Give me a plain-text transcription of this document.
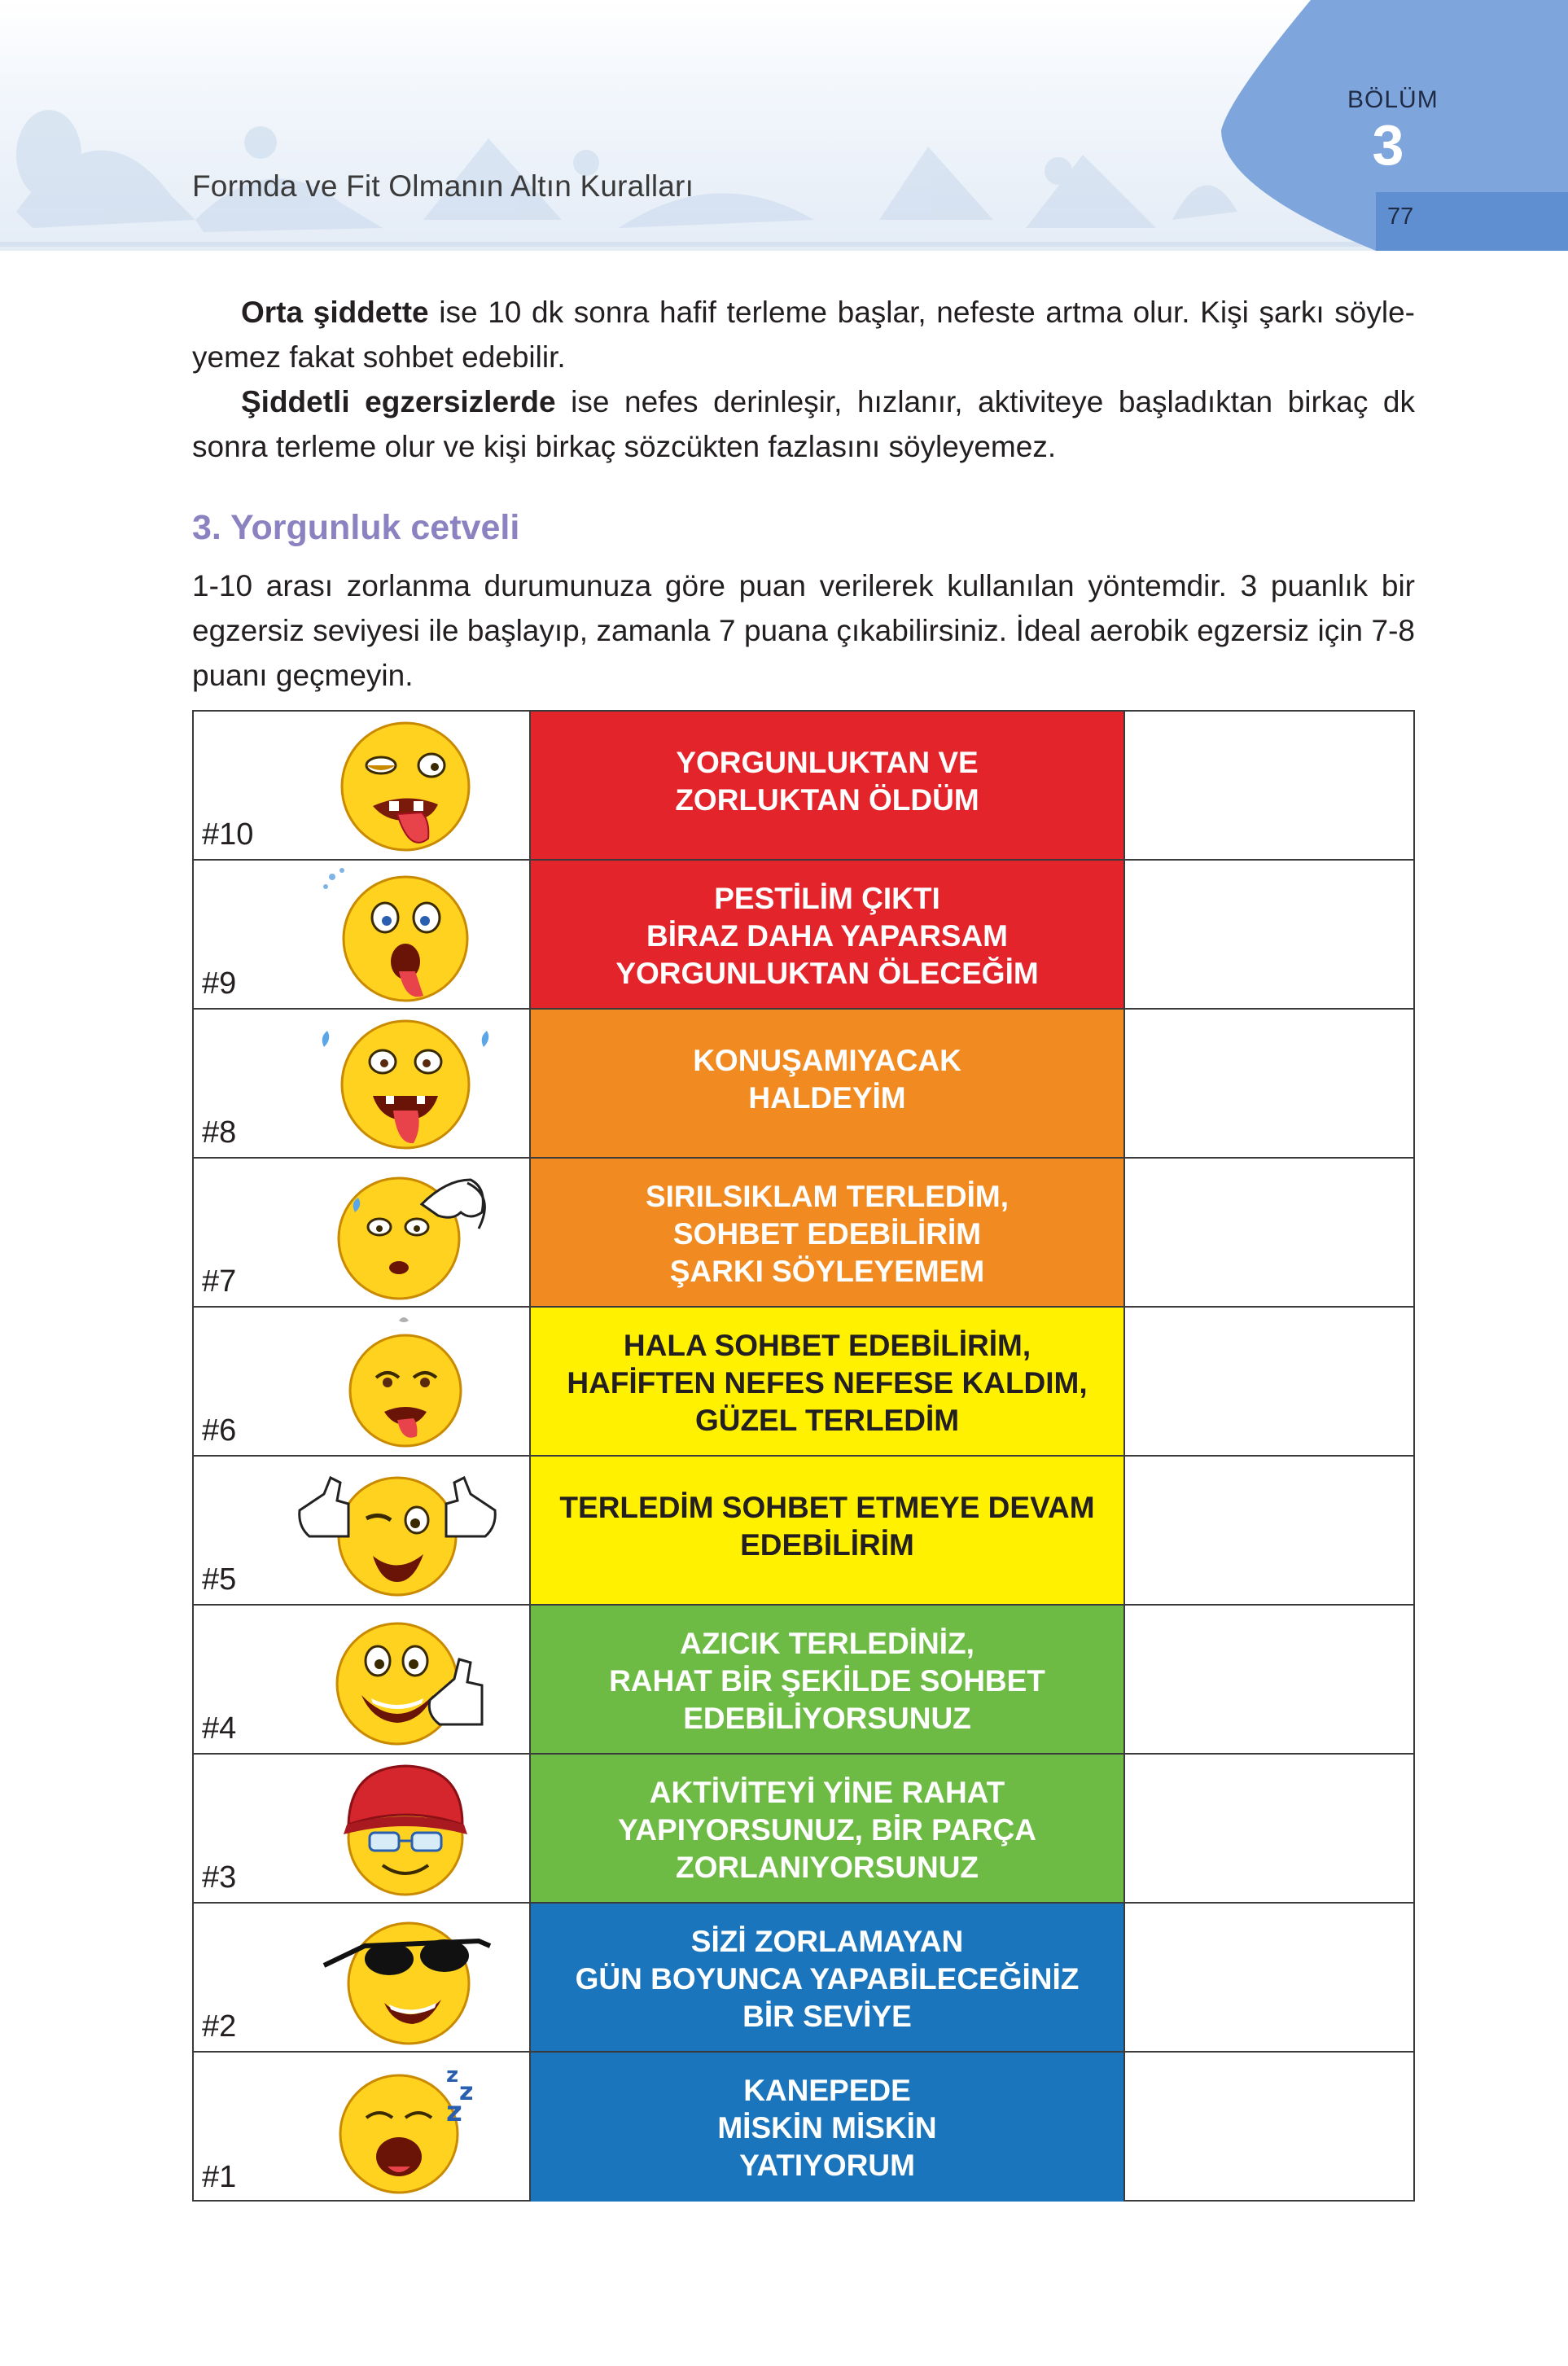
BÖLÜM
3
77
Formda ve Fit Olmanın Altın Kuralları
Orta şiddette ise 10 dk sonra hafif terleme başlar, nefeste artma olur. Kişi şarkı söyle-yemez fakat sohbet edebilir.
Şiddetli egzersizlerde ise nefes derinleşir, hızlanır, aktiviteye başladıktan birkaç dk sonra terleme olur ve kişi birkaç sözcükten fazlasını söyleyemez.
3. Yorgunluk cetveli
1-10 arası zorlanma durumunuza göre puan verilerek kullanılan yöntemdir. 3 puanlık bir egzersiz seviyesi ile başlayıp, zamanla 7 puana çıkabilirsiniz. İdeal aerobik egzersiz için 7-8 puanı geçmeyin.
#10
YORGUNLUKTAN VE
ZORLUKTAN ÖLDÜM
#9
PESTİLİM ÇIKTI
BİRAZ DAHA YAPARSAM
YORGUNLUKTAN ÖLECEĞİM
#8
KONUŞAMIYACAK
HALDEYİM
#7
SIRILSIKLAM TERLEDİM,
SOHBET EDEBİLİRİM
ŞARKI SÖYLEYEMEM
#6
HALA SOHBET EDEBİLİRİM,
HAFİFTEN NEFES NEFESE KALDIM,
GÜZEL TERLEDİM
#5
TERLEDİM SOHBET ETMEYE DEVAM
EDEBİLİRİM
#4
AZICIK TERLEDİNİZ,
RAHAT BİR ŞEKİLDE SOHBET
EDEBİLİYORSUNUZ
#3
AKTİVİTEYİ YİNE RAHAT
YAPIYORSUNUZ, BİR PARÇA
ZORLANIYORSUNUZ
#2
SİZİ ZORLAMAYAN
GÜN BOYUNCA YAPABİLECEĞİNİZ
BİR SEVİYE
z
z
z
#1
KANEPEDE
MİSKİN MİSKİN
YATIYORUM
